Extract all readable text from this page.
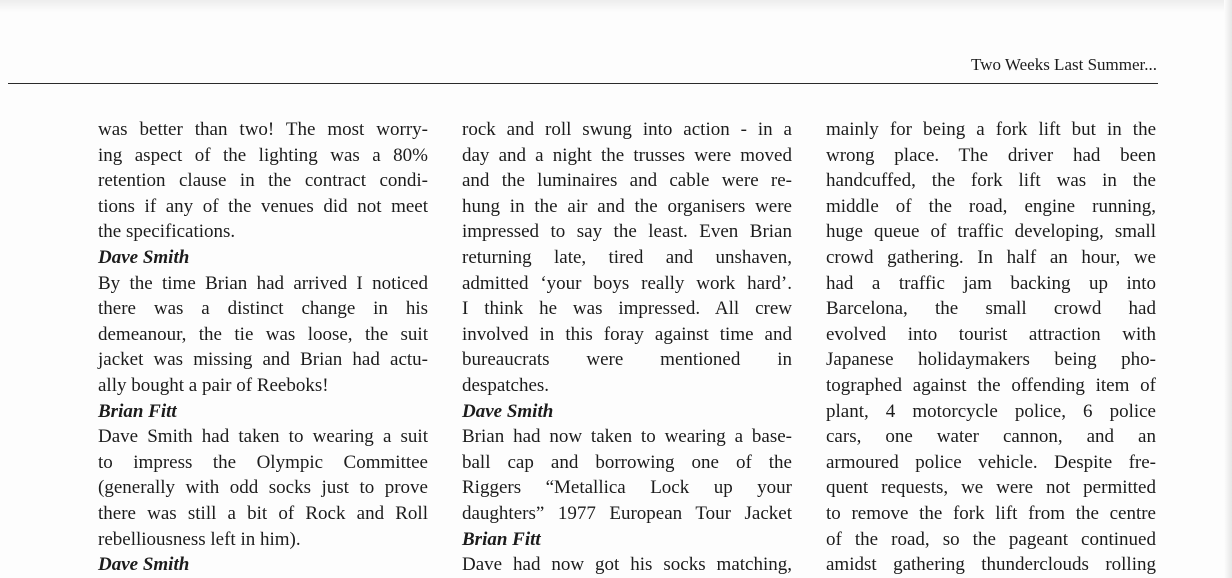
Two Weeks Last Summer...
was better than two! The most worry-
ing aspect of the lighting was a 80%
retention clause in the contract condi-
tions if any of the venues did not meet
the specifications.
Dave Smith
By the time Brian had arrived I noticed
there was a distinct change in his
demeanour, the tie was loose, the suit
jacket was missing and Brian had actu-
ally bought a pair of Reeboks!
Brian Fitt
Dave Smith had taken to wearing a suit
to impress the Olympic Committee
(generally with odd socks just to prove
there was still a bit of Rock and Roll
rebelliousness left in him).
Dave Smith
rock and roll swung into action - in a
day and a night the trusses were moved
and the luminaires and cable were re-
hung in the air and the organisers were
impressed to say the least. Even Brian
returning late, tired and unshaven,
admitted ‘your boys really work hard’.
I think he was impressed. All crew
involved in this foray against time and
bureaucrats were mentioned in
despatches.
Dave Smith
Brian had now taken to wearing a base-
ball cap and borrowing one of the
Riggers “Metallica Lock up your
daughters” 1977 European Tour Jacket
Brian Fitt
Dave had now got his socks matching,
mainly for being a fork lift but in the
wrong place. The driver had been
handcuffed, the fork lift was in the
middle of the road, engine running,
huge queue of traffic developing, small
crowd gathering. In half an hour, we
had a traffic jam backing up into
Barcelona, the small crowd had
evolved into tourist attraction with
Japanese holidaymakers being pho-
tographed against the offending item of
plant, 4 motorcycle police, 6 police
cars, one water cannon, and an
armoured police vehicle. Despite fre-
quent requests, we were not permitted
to remove the fork lift from the centre
of the road, so the pageant continued
amidst gathering thunderclouds rolling
